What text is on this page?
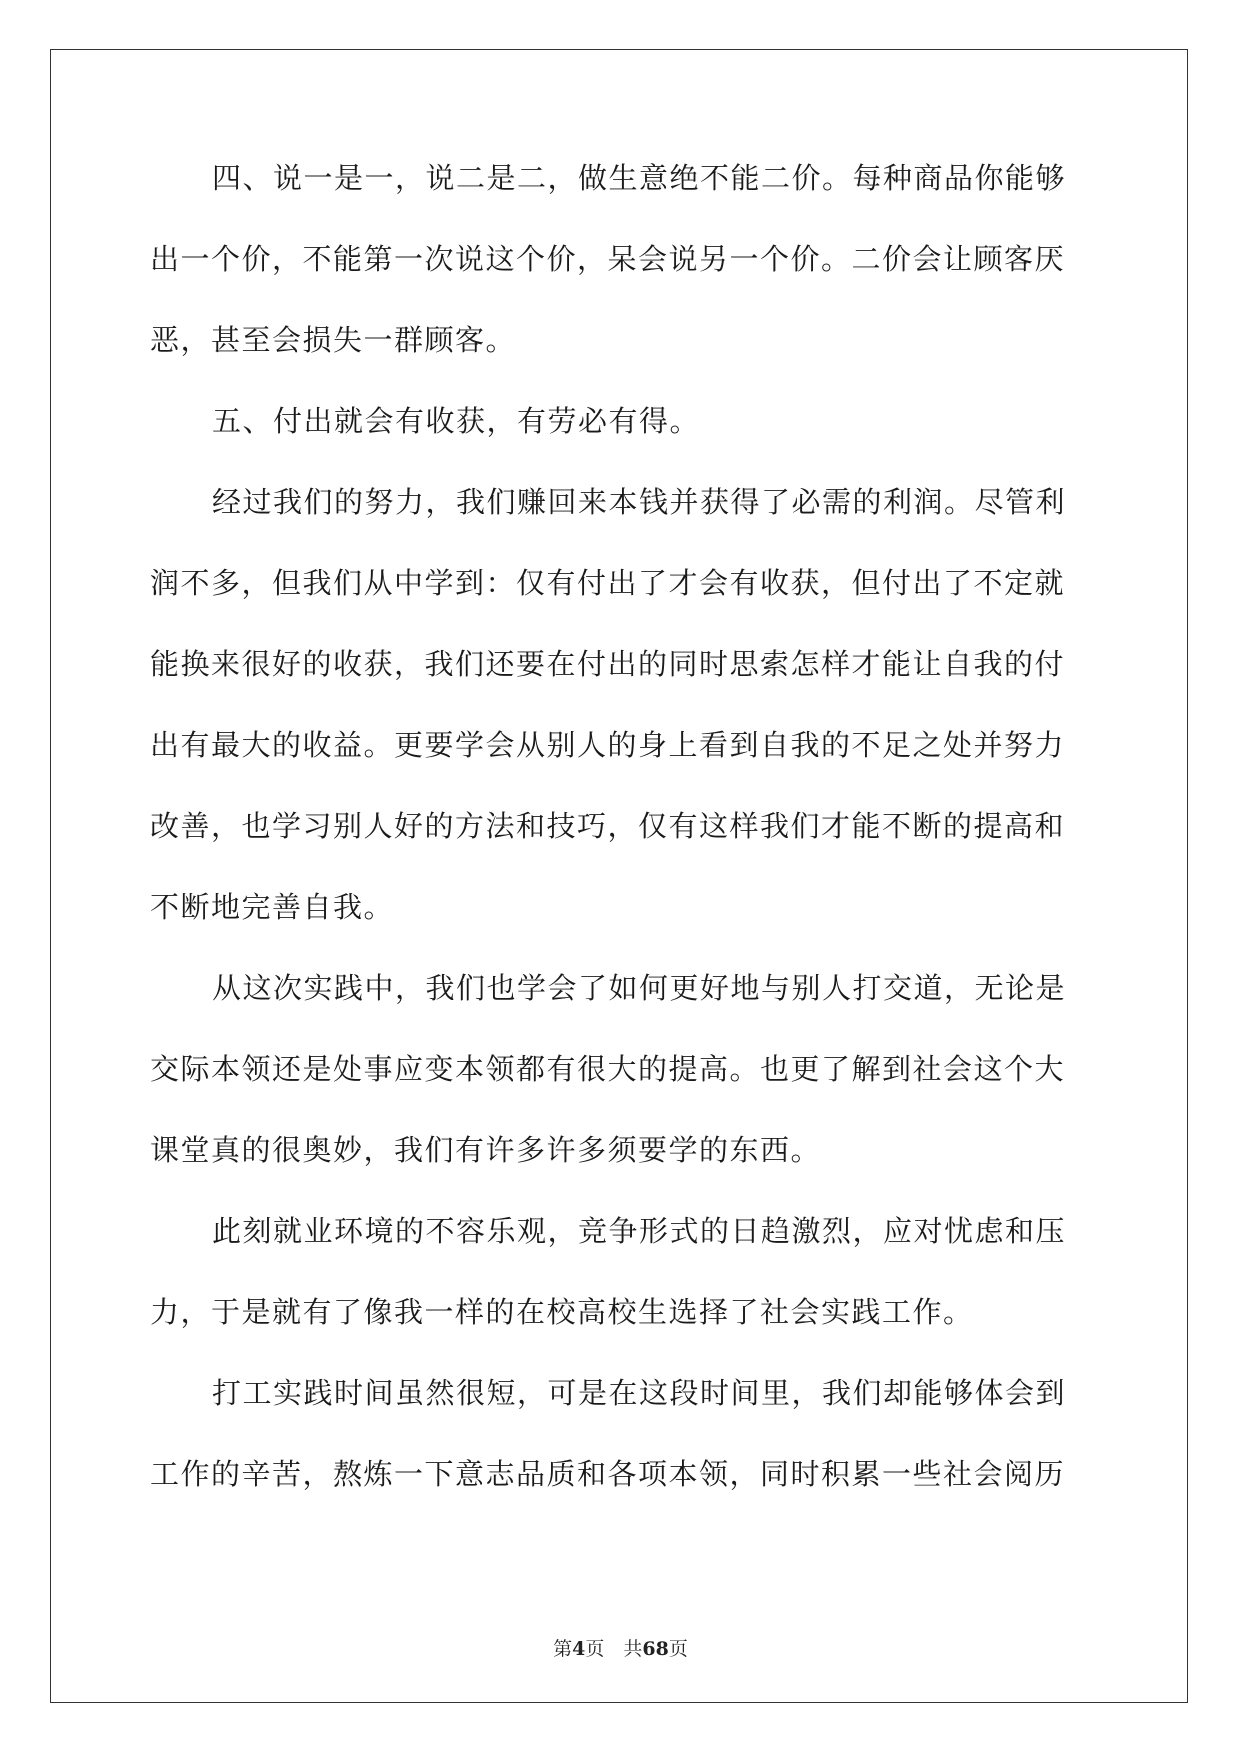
四、说一是一，说二是二，做生意绝不能二价。每种商品你能够
出一个价，不能第一次说这个价，呆会说另一个价。二价会让顾客厌
恶，甚至会损失一群顾客。
五、付出就会有收获，有劳必有得。
经过我们的努力，我们赚回来本钱并获得了必需的利润。尽管利
润不多，但我们从中学到：仅有付出了才会有收获，但付出了不定就
能换来很好的收获，我们还要在付出的同时思索怎样才能让自我的付
出有最大的收益。更要学会从别人的身上看到自我的不足之处并努力
改善，也学习别人好的方法和技巧，仅有这样我们才能不断的提高和
不断地完善自我。
从这次实践中，我们也学会了如何更好地与别人打交道，无论是
交际本领还是处事应变本领都有很大的提高。也更了解到社会这个大
课堂真的很奥妙，我们有许多许多须要学的东西。
此刻就业环境的不容乐观，竞争形式的日趋激烈，应对忧虑和压
力，于是就有了像我一样的在校高校生选择了社会实践工作。
打工实践时间虽然很短，可是在这段时间里，我们却能够体会到
工作的辛苦，熬炼一下意志品质和各项本领，同时积累一些社会阅历
第4页　共68页
